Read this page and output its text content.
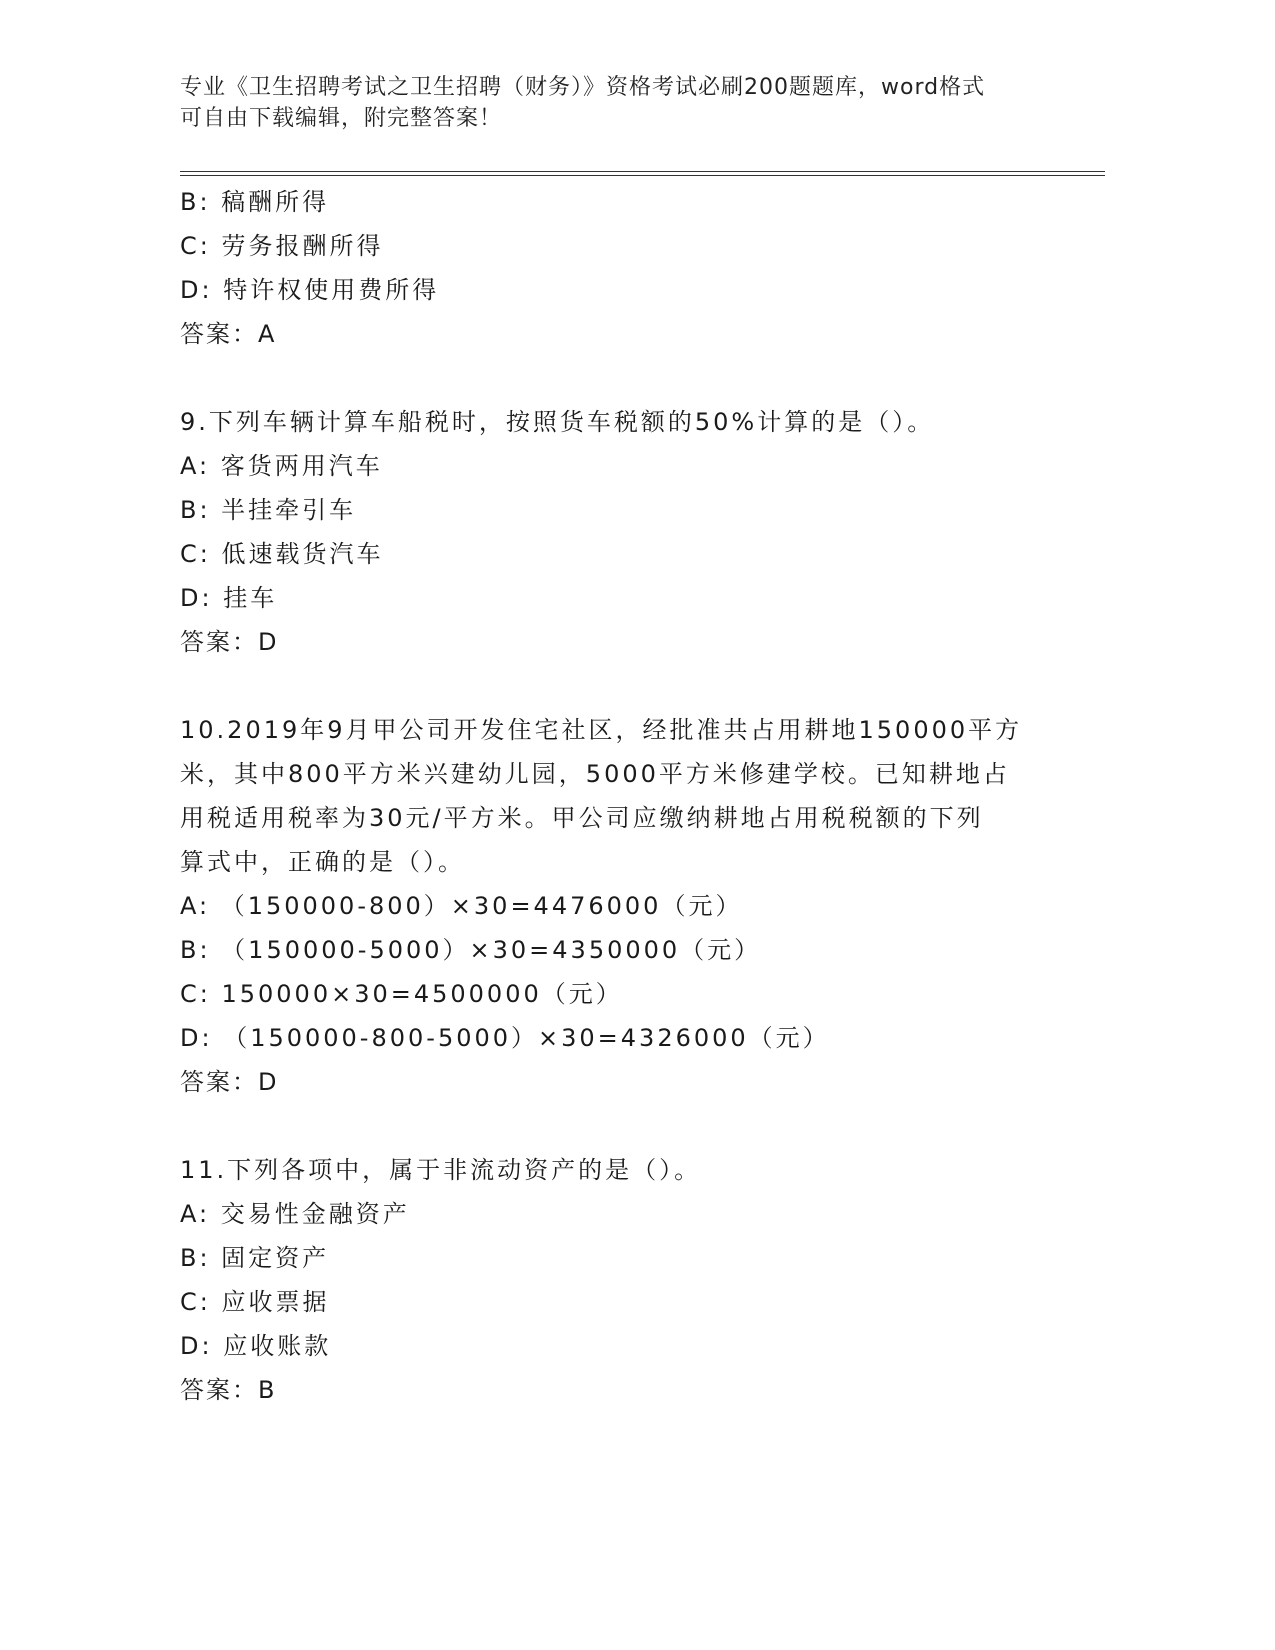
专业《卫生招聘考试之卫生招聘（财务）》资格考试必刷200题题库，word格式
可自由下载编辑，附完整答案！
B: 稿酬所得
C: 劳务报酬所得
D: 特许权使用费所得
答案：A
9.下列车辆计算车船税时，按照货车税额的50%计算的是（）。
A: 客货两用汽车
B: 半挂牵引车
C: 低速载货汽车
D: 挂车
答案：D
10.2019年9月甲公司开发住宅社区，经批准共占用耕地150000平方
米，其中800平方米兴建幼儿园，5000平方米修建学校。已知耕地占
用税适用税率为30元/平方米。甲公司应缴纳耕地占用税税额的下列
算式中，正确的是（）。
A: （150000-800）×30=4476000（元）
B: （150000-5000）×30=4350000（元）
C: 150000×30=4500000（元）
D: （150000-800-5000）×30=4326000（元）
答案：D
11.下列各项中，属于非流动资产的是（）。
A: 交易性金融资产
B: 固定资产
C: 应收票据
D: 应收账款
答案：B
